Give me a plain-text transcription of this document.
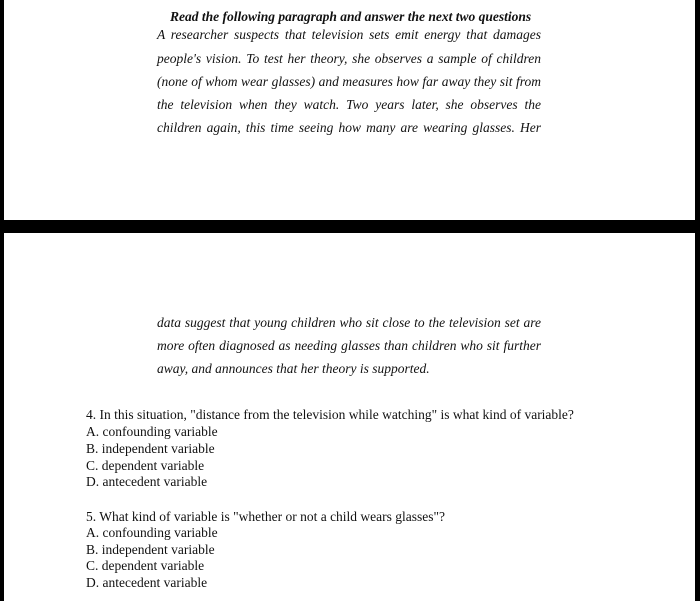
Read the following paragraph and answer the next two questions

A researcher suspects that television sets emit energy that damages

people's vision. To test her theory, she observes a sample of children

(none of whom wear glasses) and measures how far away they sit from

the television when they watch. Two years later, she observes the

children again, this time seeing how many are wearing glasses. Her

data suggest that young children who sit close to the television set are

more often diagnosed as needing glasses than children who sit further

away, and announces that her theory is supported.

4. In this situation, "distance from the television while watching" is what kind of variable?

A. confounding variable

B. independent variable

C. dependent variable

D. antecedent variable

5. What kind of variable is "whether or not a child wears glasses"?

A. confounding variable

B. independent variable

C. dependent variable

D. antecedent variable
